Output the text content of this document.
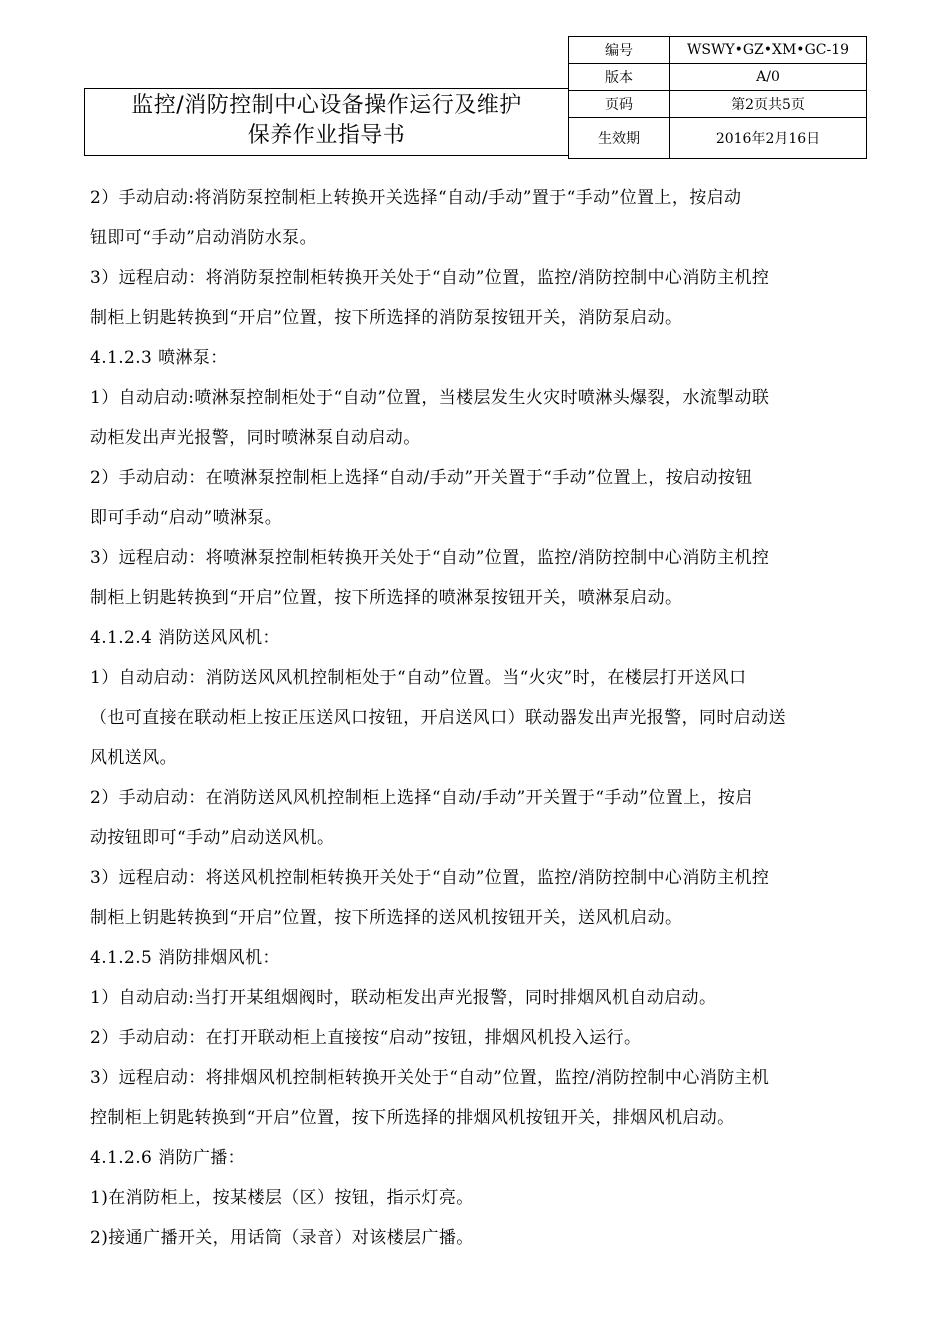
监控/消防控制中心设备操作运行及维护
保养作业指导书
编号	WSWY•GZ•XM•GC-19
版本	A/0
页码	第2页共5页
生效期	2016年2月16日

2）手动启动:将消防泵控制柜上转换开关选择“自动/手动”置于“手动”位置上，按启动

钮即可“手动”启动消防水泵。

3）远程启动：将消防泵控制柜转换开关处于“自动”位置，监控/消防控制中心消防主机控

制柜上钥匙转换到“开启”位置，按下所选择的消防泵按钮开关，消防泵启动。

4.1.2.3 喷淋泵：

1）自动启动:喷淋泵控制柜处于“自动”位置，当楼层发生火灾时喷淋头爆裂，水流掣动联

动柜发出声光报警，同时喷淋泵自动启动。

2）手动启动：在喷淋泵控制柜上选择“自动/手动”开关置于“手动”位置上，按启动按钮

即可手动“启动”喷淋泵。

3）远程启动：将喷淋泵控制柜转换开关处于“自动”位置，监控/消防控制中心消防主机控

制柜上钥匙转换到“开启”位置，按下所选择的喷淋泵按钮开关，喷淋泵启动。

4.1.2.4 消防送风风机：

1）自动启动：消防送风风机控制柜处于“自动”位置。当“火灾”时，在楼层打开送风口

（也可直接在联动柜上按正压送风口按钮，开启送风口）联动器发出声光报警，同时启动送

风机送风。

2）手动启动：在消防送风风机控制柜上选择“自动/手动”开关置于“手动”位置上，按启

动按钮即可“手动”启动送风机。

3）远程启动：将送风机控制柜转换开关处于“自动”位置，监控/消防控制中心消防主机控

制柜上钥匙转换到“开启”位置，按下所选择的送风机按钮开关，送风机启动。

4.1.2.5 消防排烟风机：

1）自动启动:当打开某组烟阀时，联动柜发出声光报警，同时排烟风机自动启动。

2）手动启动：在打开联动柜上直接按“启动”按钮，排烟风机投入运行。

3）远程启动：将排烟风机控制柜转换开关处于“自动”位置，监控/消防控制中心消防主机

控制柜上钥匙转换到“开启”位置，按下所选择的排烟风机按钮开关，排烟风机启动。

4.1.2.6 消防广播：

1)在消防柜上，按某楼层（区）按钮，指示灯亮。

2)接通广播开关，用话筒（录音）对该楼层广播。
